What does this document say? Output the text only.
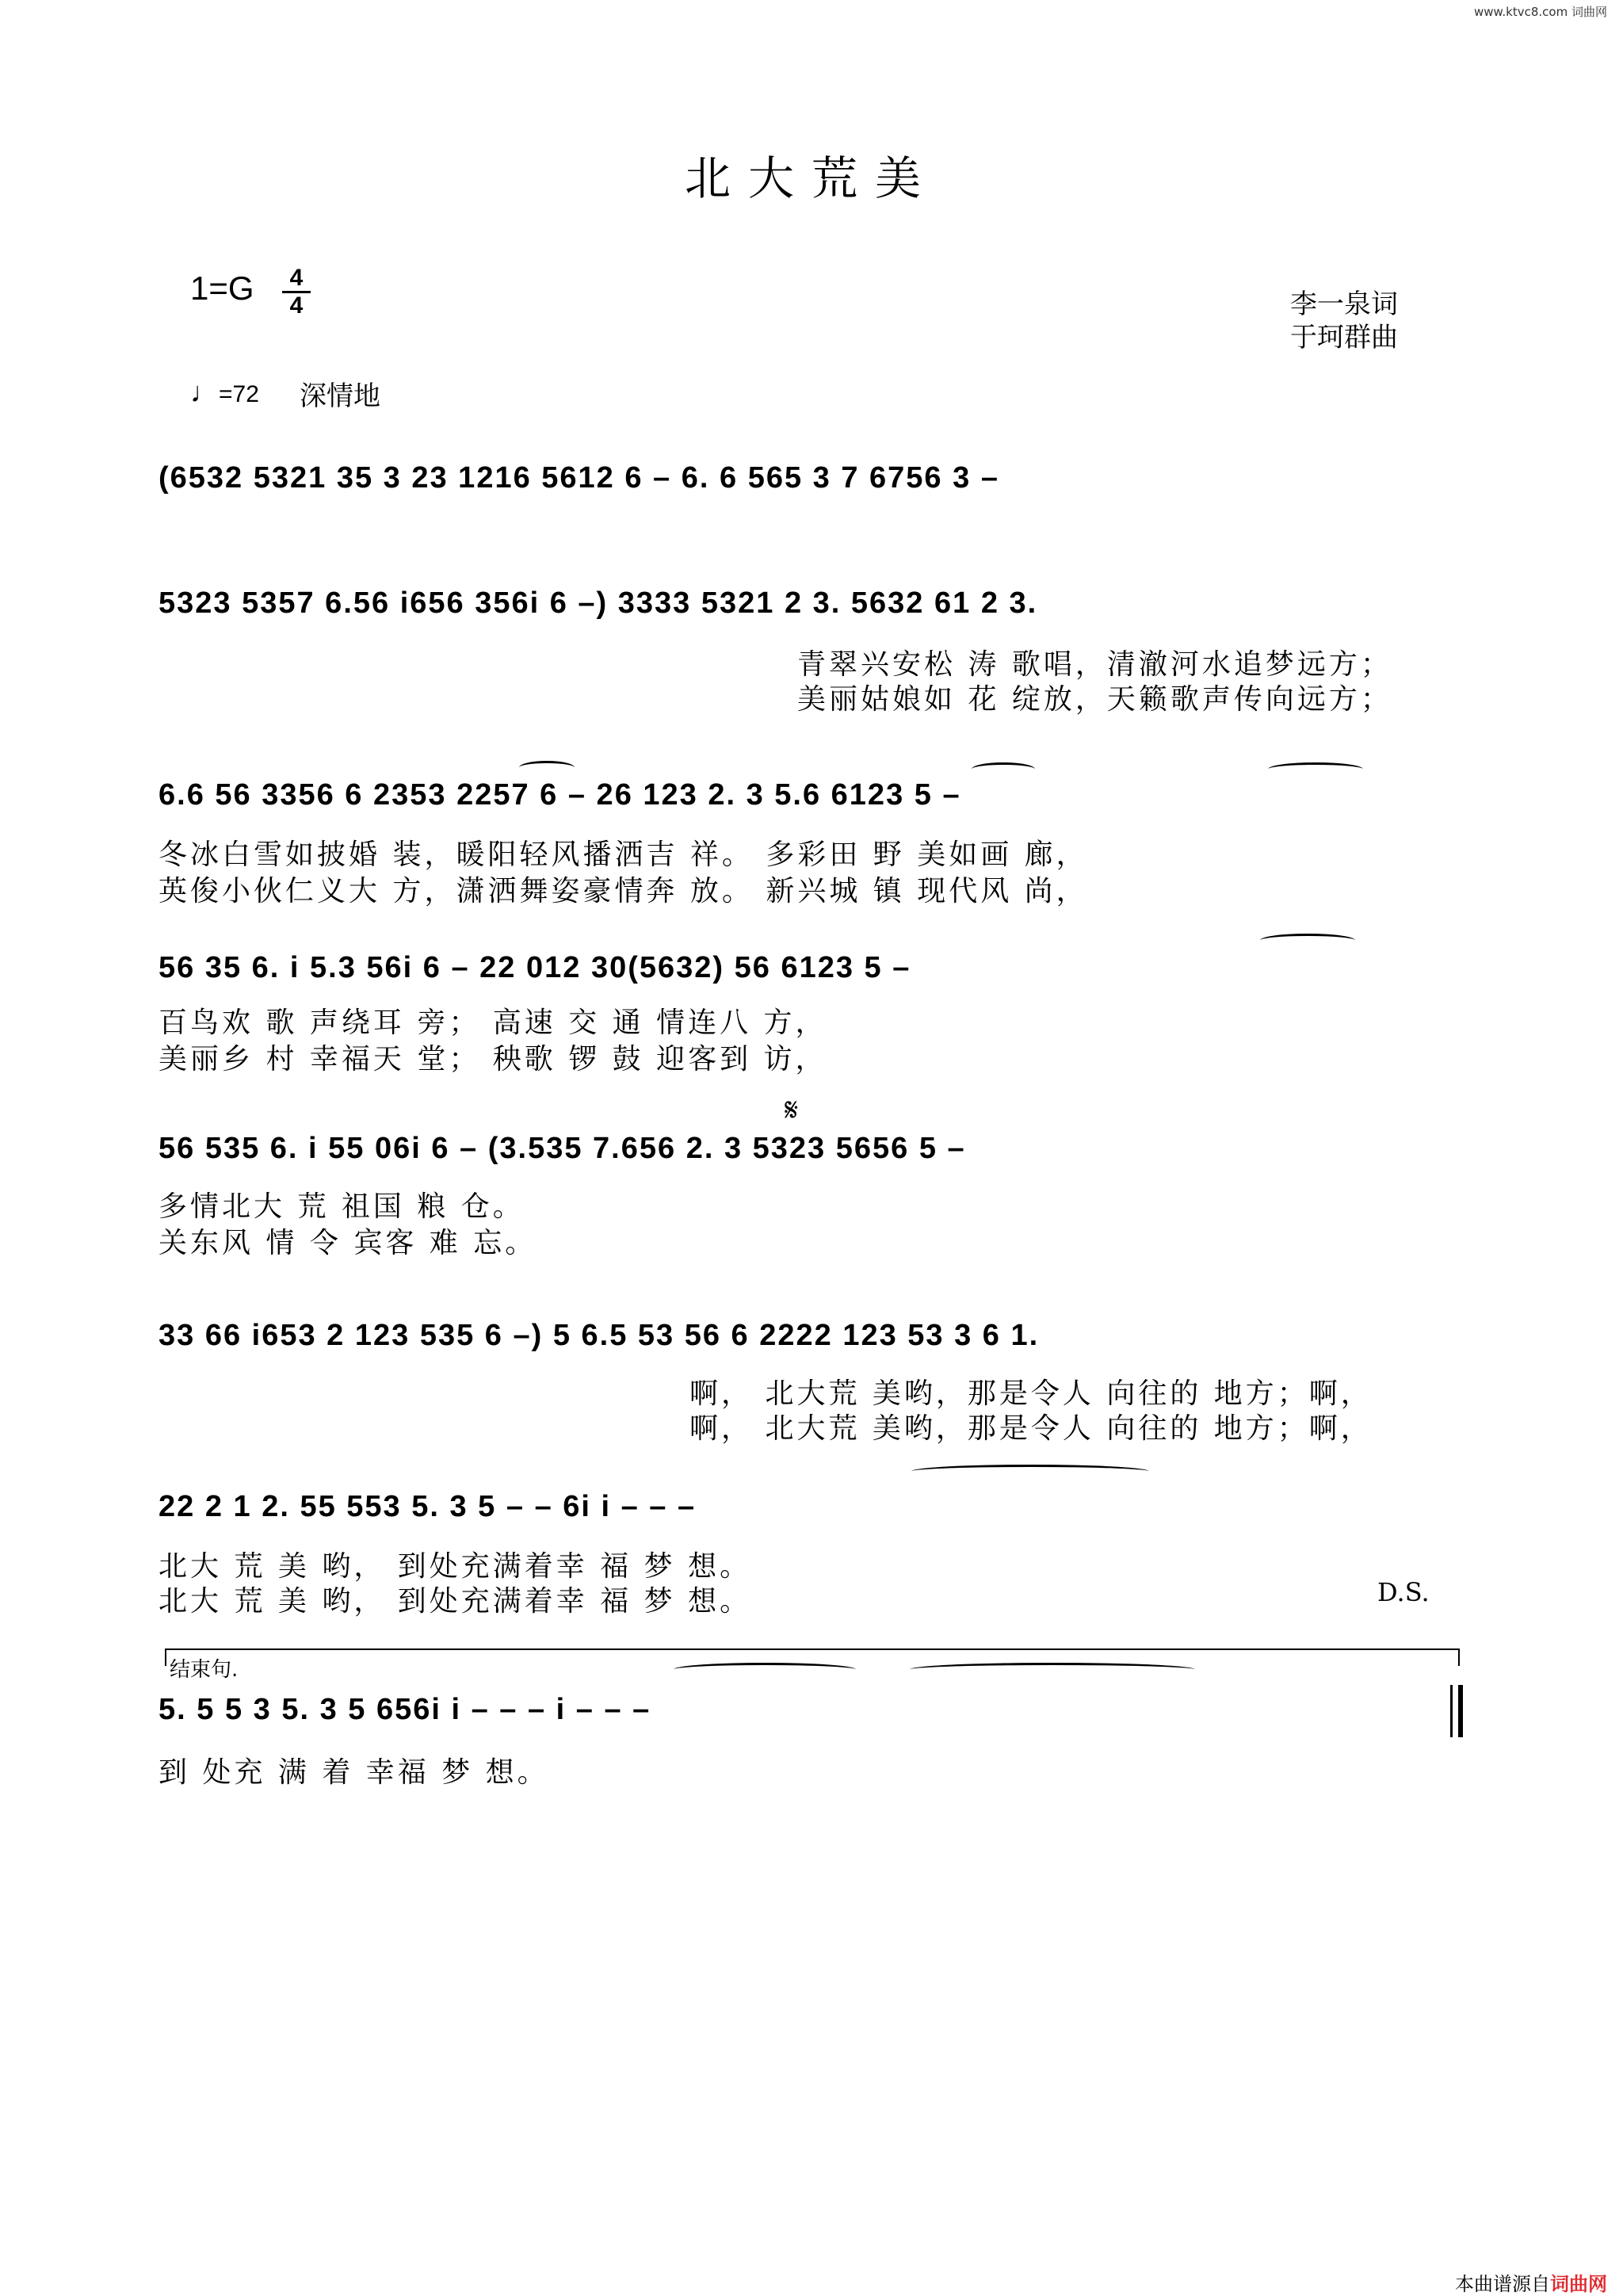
www.ktvc8.com 词曲网
北大荒美
1=G	4
4	李一泉词
于珂群曲
♩=72 深情地
(6532 5321 35 3 23 1216 5612 6 – 6. 6 565 3 7 6756 3 –
5323 5357 6.56 i656 356i 6 –) 3333 5321 2 3. 5632 61 2 3.
青翠兴安松 涛 歌唱，清澈河水追梦远方；
美丽姑娘如 花 绽放，天籁歌声传向远方；
6.6 56 3356 6 2353 2257 6 – 26 123 2. 3 5.6 6123 5 –
冬冰白雪如披婚 装，暖阳轻风播洒吉 祥。 多彩田 野 美如画 廊，
英俊小伙仁义大 方，潇洒舞姿豪情奔 放。 新兴城 镇 现代风 尚，
56 35 6. i 5.3 56i 6 – 22 012 30(5632) 56 6123 5 –
百鸟欢 歌 声绕耳 旁； 高速 交 通 情连八 方，
美丽乡 村 幸福天 堂； 秧歌 锣 鼓 迎客到 访，
𝄋
56 535 6. i 55 06i 6 – (3.535 7.656 2. 3 5323 5656 5 –
多情北大 荒 祖国 粮 仓。
关东风 情 令 宾客 难 忘。
33 66 i653 2 123 535 6 –) 5 6.5 53 56 6 2222 123 53 3 6 1.
啊， 北大荒 美哟，那是令人 向往的 地方；啊，
啊， 北大荒 美哟，那是令人 向往的 地方；啊，
22 2 1 2. 55 553 5. 3 5 – – 6i i – – –
北大 荒 美 哟， 到处充满着幸 福 梦 想。
北大 荒 美 哟， 到处充满着幸 福 梦 想。	D.S.
结束句.
5. 5 5 3 5. 3 5 656i i – – – i – – –
到 处充 满 着 幸福 梦 想。
本曲谱源自词曲网
